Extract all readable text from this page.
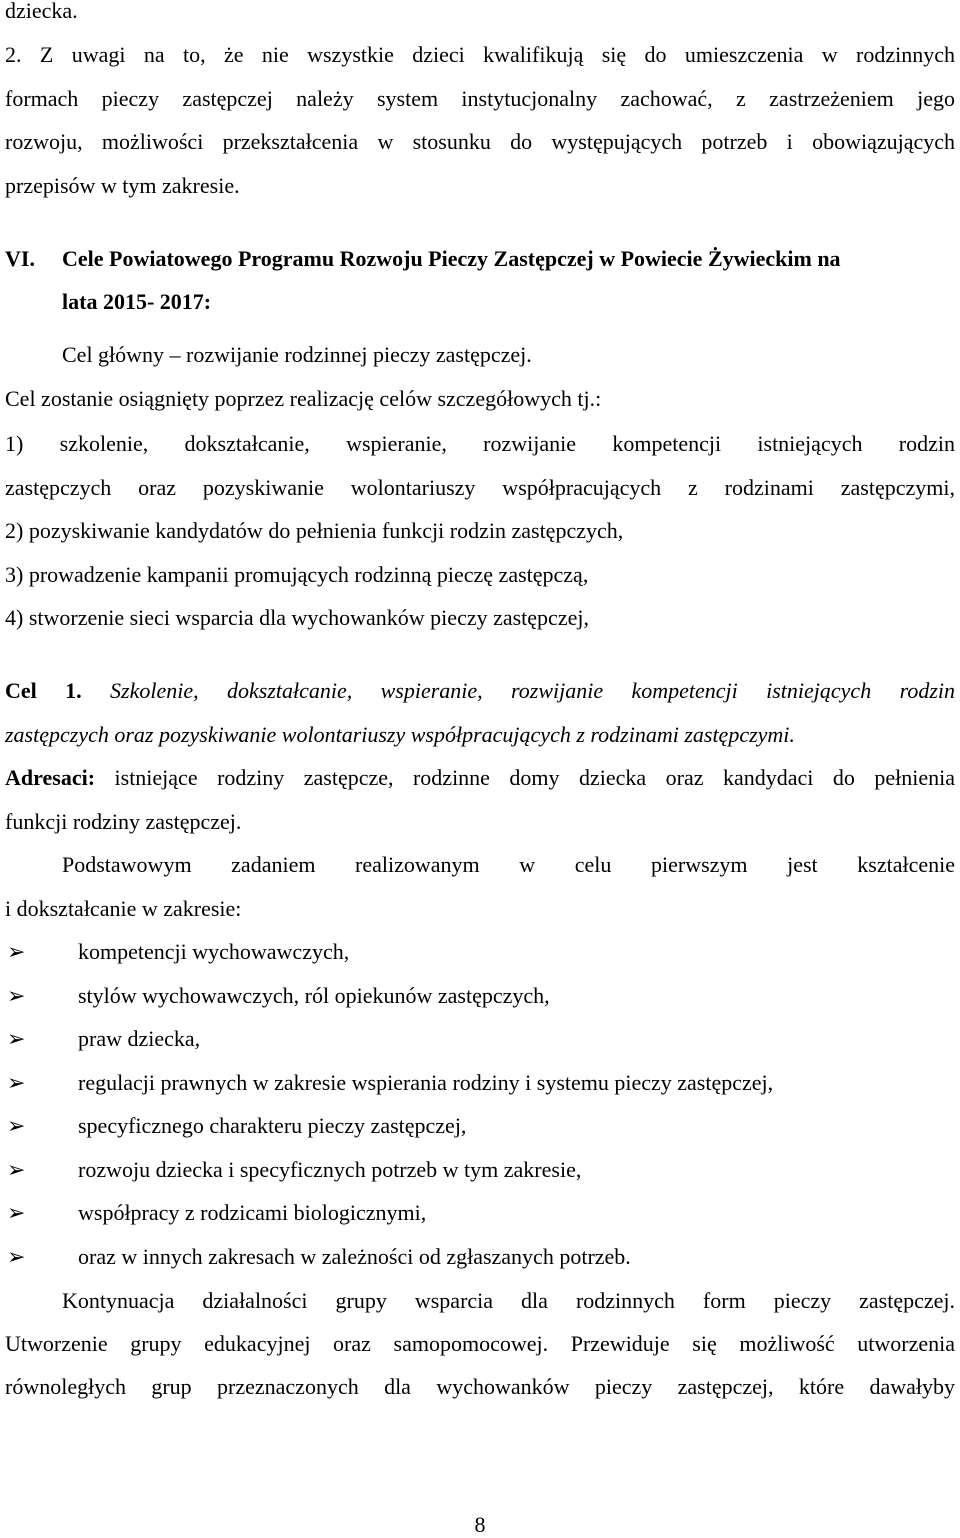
dziecka.
2. Z uwagi na to, że nie wszystkie dzieci kwalifikują się do umieszczenia w rodzinnych
formach pieczy zastępczej należy system instytucjonalny zachować, z zastrzeżeniem jego
rozwoju, możliwości przekształcenia w stosunku do występujących potrzeb i obowiązujących
przepisów w tym zakresie.
VI.	Cele Powiatowego Programu Rozwoju Pieczy Zastępczej w Powiecie Żywieckim na
lata 2015- 2017:
Cel główny – rozwijanie rodzinnej pieczy zastępczej.
Cel zostanie osiągnięty poprzez realizację celów szczegółowych tj.:
1) szkolenie, dokształcanie, wspieranie, rozwijanie kompetencji istniejących rodzin
zastępczych oraz pozyskiwanie wolontariuszy współpracujących z rodzinami zastępczymi,
2) pozyskiwanie kandydatów do pełnienia funkcji rodzin zastępczych,
3) prowadzenie kampanii promujących rodzinną pieczę zastępczą,
4) stworzenie sieci wsparcia dla wychowanków pieczy zastępczej,
Cel 1. Szkolenie, dokształcanie, wspieranie, rozwijanie kompetencji istniejących rodzin
zastępczych oraz pozyskiwanie wolontariuszy współpracujących z rodzinami zastępczymi.
Adresaci: istniejące rodziny zastępcze, rodzinne domy dziecka oraz kandydaci do pełnienia
funkcji rodziny zastępczej.
Podstawowym zadaniem realizowanym w celu pierwszym jest kształcenie
i dokształcanie w zakresie:
➢	kompetencji wychowawczych,
➢	stylów wychowawczych, ról opiekunów zastępczych,
➢	praw dziecka,
➢	regulacji prawnych w zakresie wspierania rodziny i systemu pieczy zastępczej,
➢	specyficznego charakteru pieczy zastępczej,
➢	rozwoju dziecka i specyficznych potrzeb w tym zakresie,
➢	współpracy z rodzicami biologicznymi,
➢	oraz w innych zakresach w zależności od zgłaszanych potrzeb.
Kontynuacja działalności grupy wsparcia dla rodzinnych form pieczy zastępczej.
Utworzenie grupy edukacyjnej oraz samopomocowej. Przewiduje się możliwość utworzenia
równoległych grup przeznaczonych dla wychowanków pieczy zastępczej, które dawałyby
8
